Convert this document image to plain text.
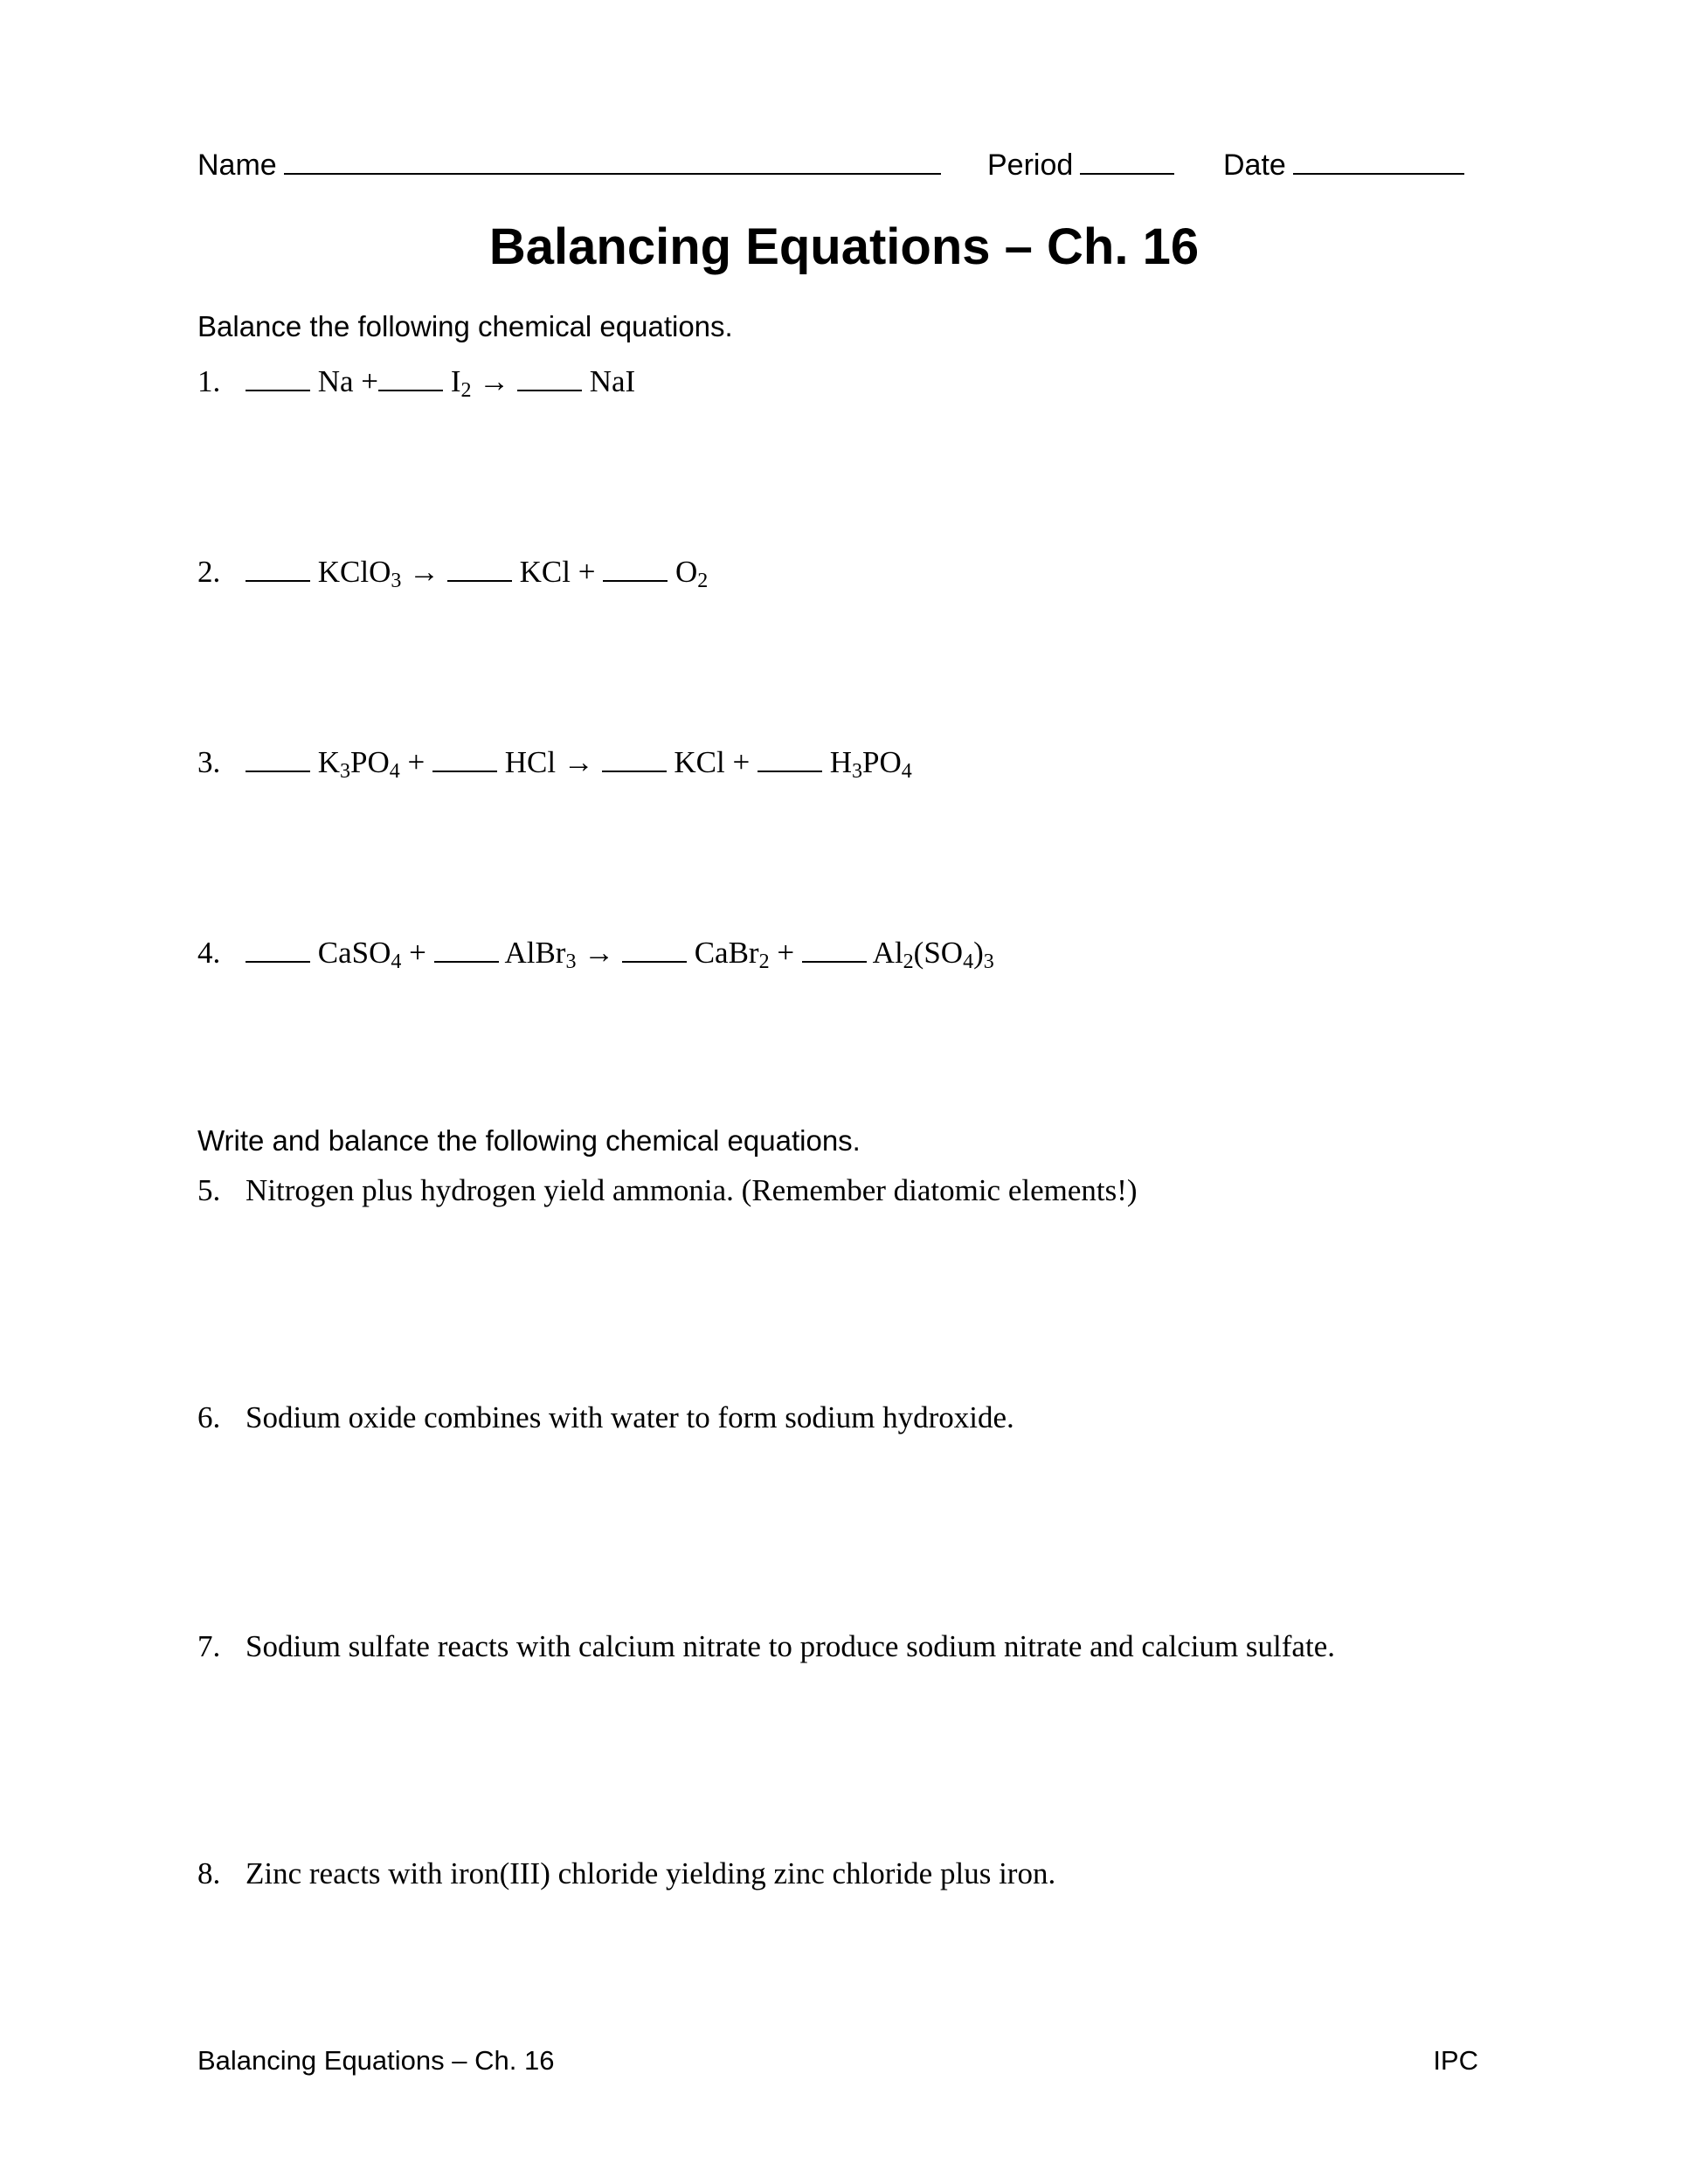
Name	Period	Date
Balancing Equations – Ch. 16
Balance the following chemical equations.
1.	$Na + I_2$ →	NaI
2.	KClO$_3$ →	KCl +	$O_2$
3.	$K_3PO_4$ +	HCl →	KCl +	$H_3PO_4$
4.	CaSO$_4$ +	AlBr$_3$ →	CaBr$_2$ +	$Al_2(SO_4)_3$
Write and balance the following chemical equations.
5. Nitrogen plus hydrogen yield ammonia. (Remember diatomic elements!)
6. Sodium oxide combines with water to form sodium hydroxide.
7. Sodium sulfate reacts with calcium nitrate to produce sodium nitrate and calcium sulfate.
8. Zinc reacts with iron(III) chloride yielding zinc chloride plus iron.
Balancing Equations – Ch. 16	IPC
